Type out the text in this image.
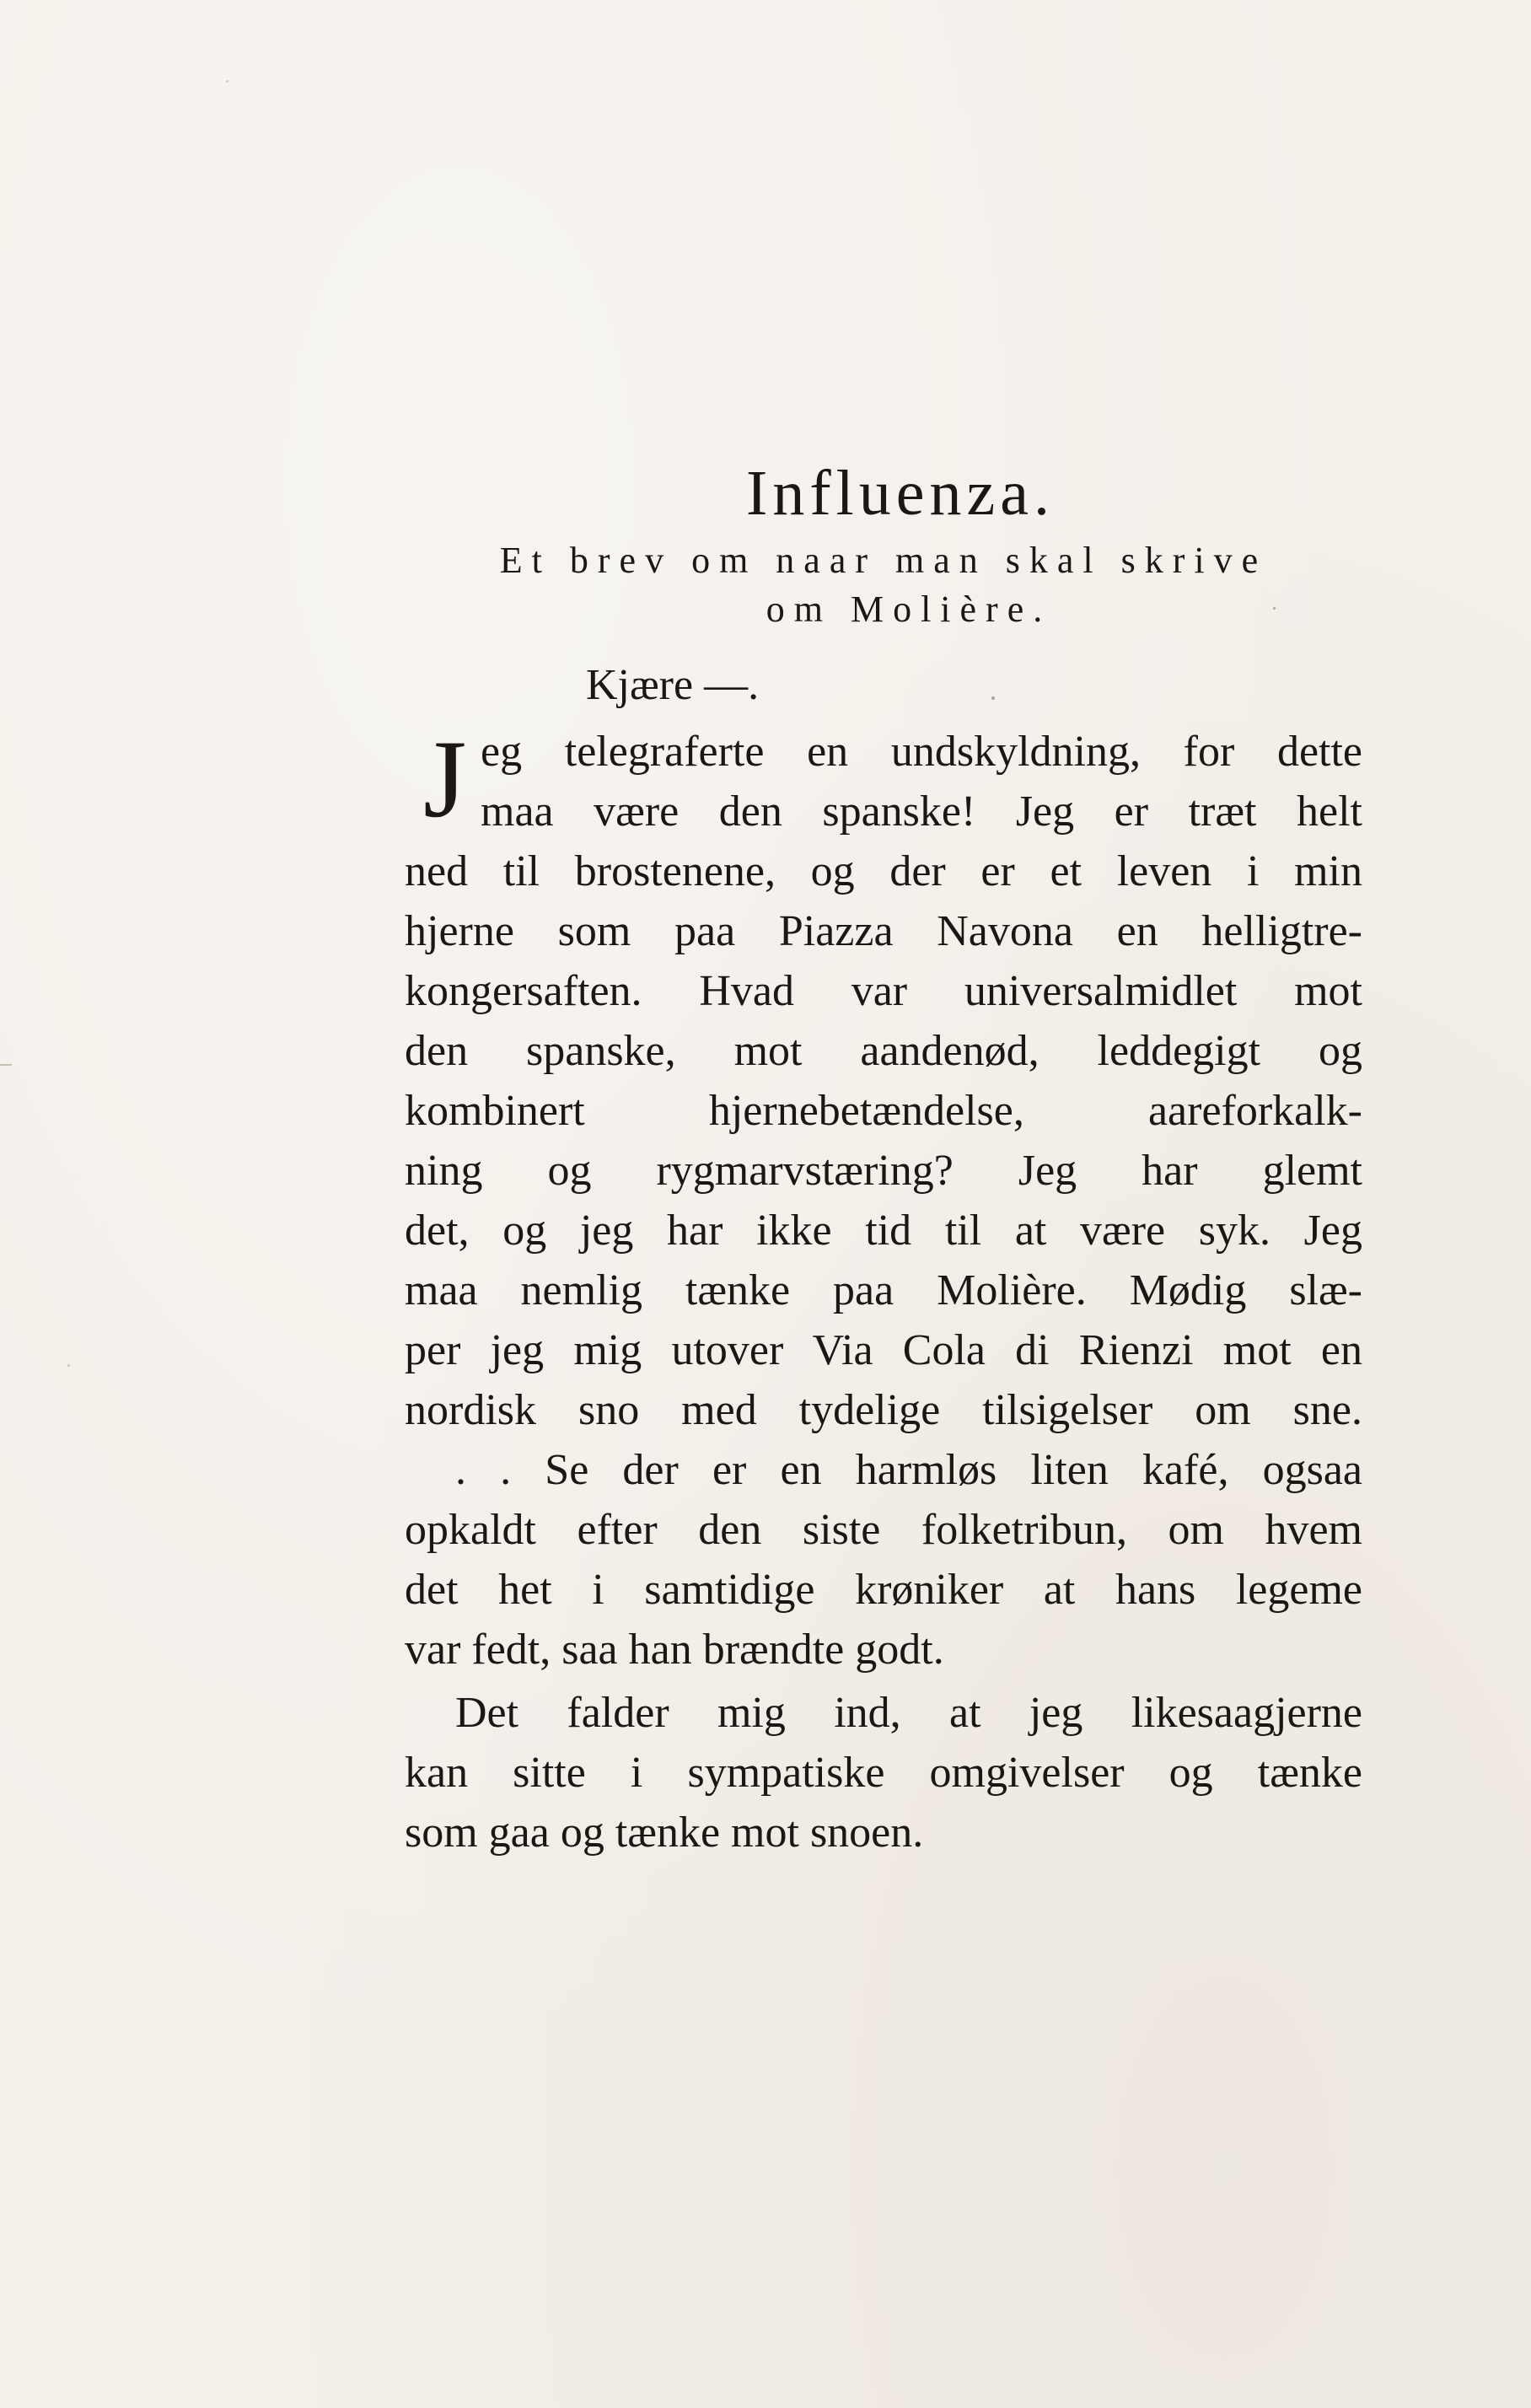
Influenza.
Et brev om naar man skal skrive
om Molière.
Kjære —.
J eg telegraferte en undskyldning, for dette
maa være den spanske! Jeg er træt helt
ned til brostenene, og der er et leven i min
hjerne som paa Piazza Navona en helligtre-
kongersaften. Hvad var universalmidlet mot
den spanske, mot aandenød, leddegigt og
kombinert hjernebetændelse, aareforkalk-
ning og rygmarvstæring? Jeg har glemt
det, og jeg har ikke tid til at være syk. Jeg
maa nemlig tænke paa Molière. Mødig slæ-
per jeg mig utover Via Cola di Rienzi mot en
nordisk sno med tydelige tilsigelser om sne.
. . Se der er en harmløs liten kafé, ogsaa
opkaldt efter den siste folketribun, om hvem
det het i samtidige krøniker at hans legeme
var fedt, saa han brændte godt.
Det falder mig ind, at jeg likesaagjerne
kan sitte i sympatiske omgivelser og tænke
som gaa og tænke mot snoen.
